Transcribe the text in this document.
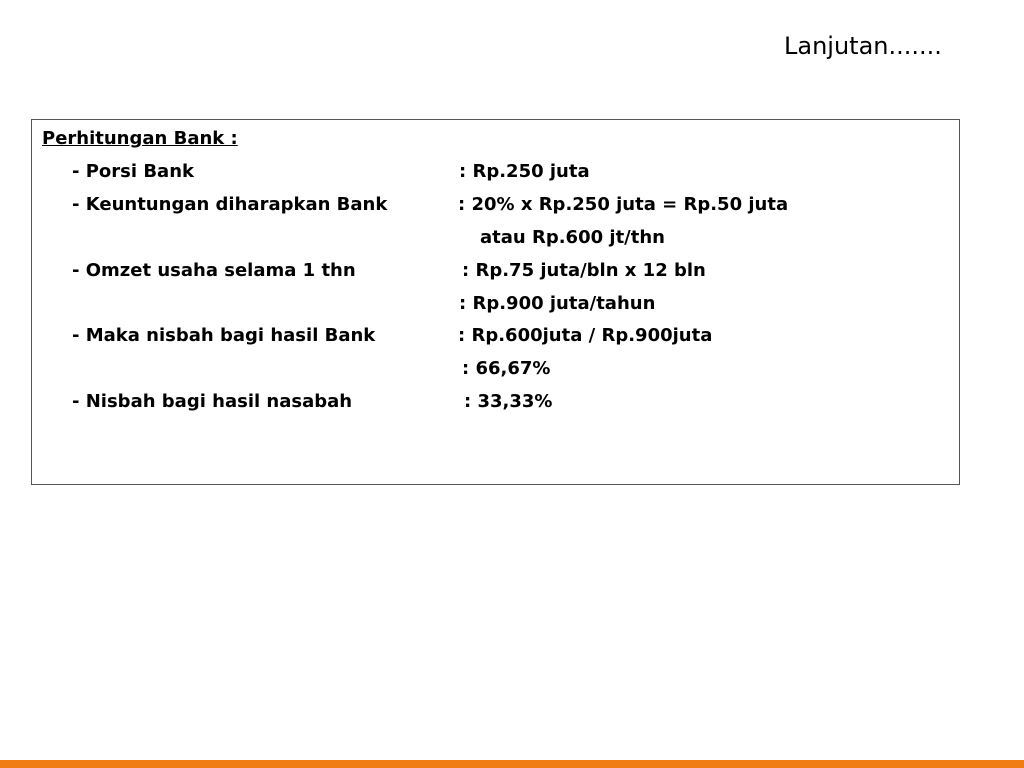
Lanjutan.......
Perhitungan Bank :
- Porsi Bank	: Rp.250 juta
- Keuntungan diharapkan Bank	: 20% x Rp.250 juta = Rp.50 juta
atau Rp.600 jt/thn
- Omzet usaha selama 1 thn	: Rp.75 juta/bln x 12 bln
: Rp.900 juta/tahun
- Maka nisbah bagi hasil Bank	: Rp.600juta / Rp.900juta
: 66,67%
- Nisbah bagi hasil nasabah	: 33,33%
